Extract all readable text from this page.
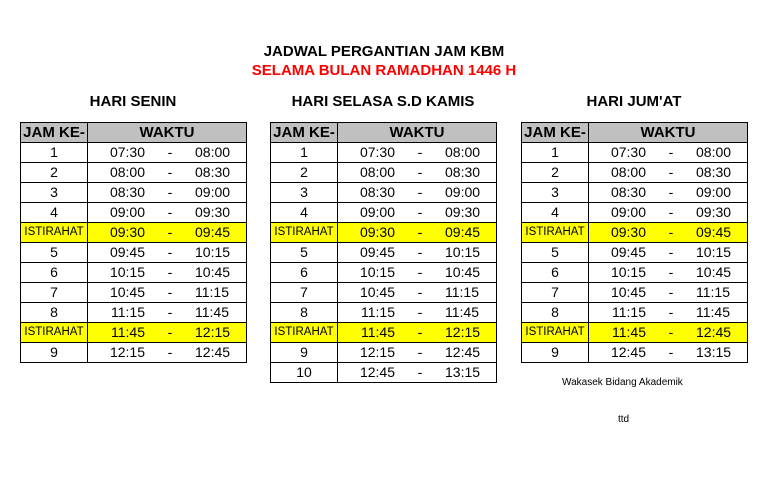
JADWAL PERGANTIAN JAM KBM
SELAMA BULAN RAMADHAN 1446 H
HARI SENIN	HARI SELASA S.D KAMIS	HARI JUM'AT
JAM KE-	WAKTU
1	07:30 - 08:00

2	08:00 - 08:30

3	08:30 - 09:00

4	09:00 - 09:30

ISTIRAHAT	09:30 - 09:45

5	09:45 - 10:15

6	10:15 - 10:45

7	10:45 - 11:15

8	11:15 - 11:45

ISTIRAHAT	11:45 - 12:15

9	12:15 - 12:45
JAM KE-	WAKTU
1	07:30 - 08:00

2	08:00 - 08:30

3	08:30 - 09:00

4	09:00 - 09:30

ISTIRAHAT	09:30 - 09:45

5	09:45 - 10:15

6	10:15 - 10:45

7	10:45 - 11:15

8	11:15 - 11:45

ISTIRAHAT	11:45 - 12:15

9	12:15 - 12:45

10	12:45 - 13:15
JAM KE-	WAKTU
1	07:30 - 08:00

2	08:00 - 08:30

3	08:30 - 09:00

4	09:00 - 09:30

ISTIRAHAT	09:30 - 09:45

5	09:45 - 10:15

6	10:15 - 10:45

7	10:45 - 11:15

8	11:15 - 11:45

ISTIRAHAT	11:45 - 12:45

9	12:45 - 13:15
Wakasek Bidang Akademik
ttd
